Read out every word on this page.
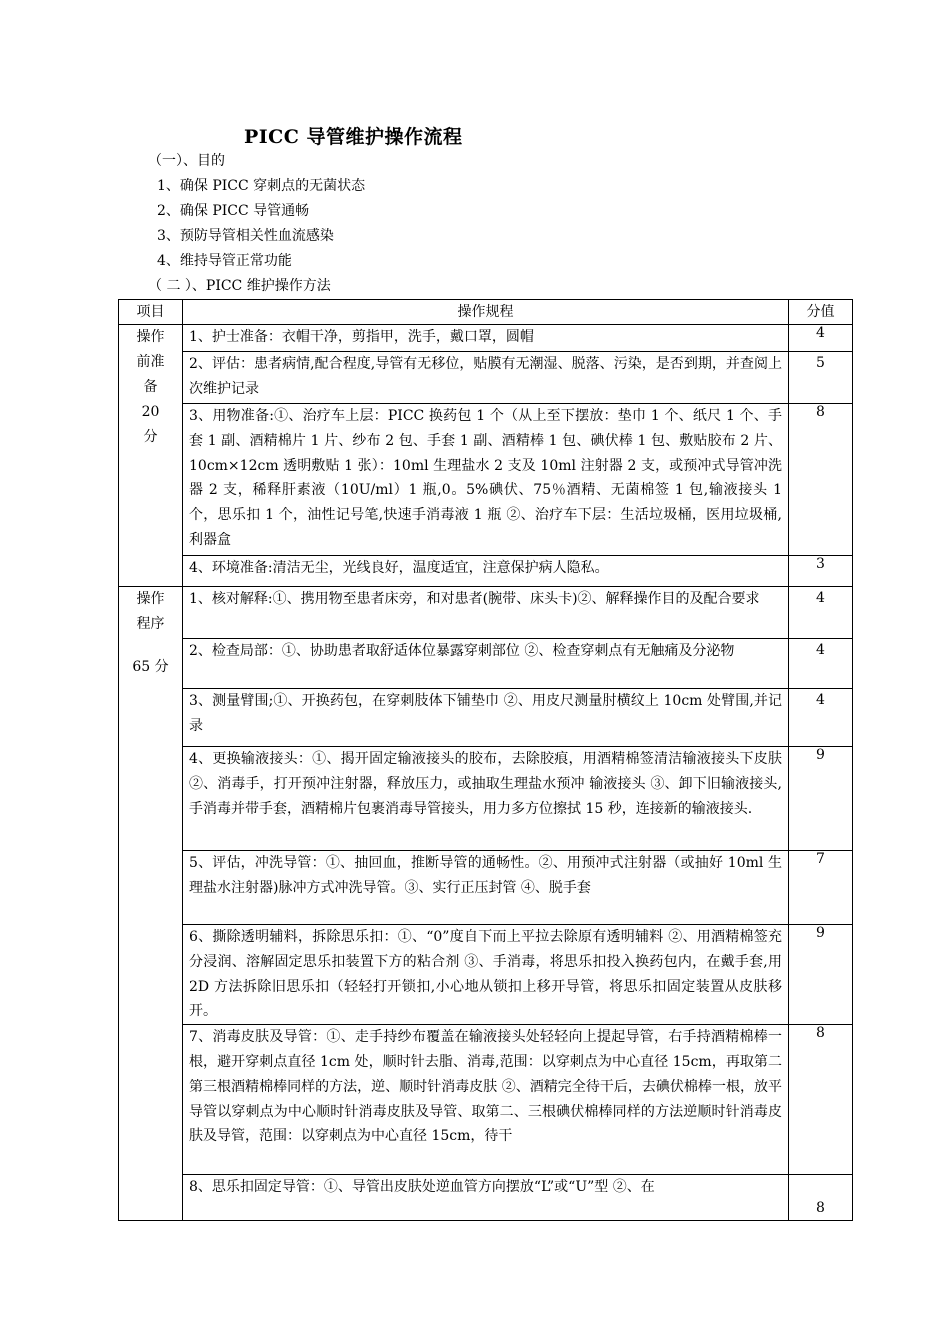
PICC 导管维护操作流程
（一）、目的
1、确保 PICC 穿刺点的无菌状态
2、确保 PICC 导管通畅
3、预防导管相关性血流感染
4、维持导管正常功能
（ 二 ）、PICC 维护操作方法
项目	操作规程	分值

操作
前准
备
20
分	1、护士准备：衣帽干净，剪指甲，洗手，戴口罩，圆帽	4
	2、评估：患者病情,配合程度,导管有无移位，贴膜有无潮湿、脱落、污染，是否到期，并查阅上次维护记录	5
	3、用物准备:①、治疗车上层：PICC 换药包 1 个（从上至下摆放：垫巾 1 个、纸尺 1 个、手套 1 副、酒精棉片 1 片、纱布 2 包、手套 1 副、酒精棒 1 包、碘伏棒 1 包、敷贴胶布 2 片、10cm×12cm 透明敷贴 1 张）：10ml 生理盐水 2 支及 10ml 注射器 2 支，或预冲式导管冲洗器 2 支，稀释肝素液（10U/ml）1 瓶,0。5%碘伏、75％酒精、无菌棉签 1 包,输液接头 1 个，思乐扣 1 个，油性记号笔,快速手消毒液 1 瓶 ②、治疗车下层：生活垃圾桶，医用垃圾桶,利器盒	8
	4、环境准备:清洁无尘，光线良好，温度适宜，注意保护病人隐私。	3

操作
程序
65 分	1、核对解释:①、携用物至患者床旁，和对患者(腕带、床头卡)②、解释操作目的及配合要求	4
	2、检查局部：①、协助患者取舒适体位暴露穿刺部位 ②、检查穿刺点有无触痛及分泌物	4
	3、测量臂围;①、开换药包，在穿刺肢体下铺垫巾 ②、用皮尺测量肘横纹上 10cm 处臂围,并记录	4
	4、更换输液接头：①、揭开固定输液接头的胶布，去除胶痕，用酒精棉签清洁输液接头下皮肤 ②、消毒手，打开预冲注射器，释放压力，或抽取生理盐水预冲 输液接头 ③、卸下旧输液接头,手消毒并带手套，酒精棉片包裹消毒导管接头，用力多方位擦拭 15 秒，连接新的输液接头.	9
	5、评估，冲洗导管：①、抽回血，推断导管的通畅性。②、用预冲式注射器（或抽好 10ml 生理盐水注射器)脉冲方式冲洗导管。③、实行正压封管 ④、脱手套	7
	6、撕除透明辅料，拆除思乐扣：①、“0”度自下而上平拉去除原有透明辅料 ②、用酒精棉签充分浸润、溶解固定思乐扣装置下方的粘合剂 ③、手消毒，将思乐扣投入换药包内，在戴手套,用 2D 方法拆除旧思乐扣（轻轻打开锁扣,小心地从锁扣上移开导管，将思乐扣固定装置从皮肤移开。	9
	7、消毒皮肤及导管：①、走手持纱布覆盖在输液接头处轻轻向上提起导管，右手持酒精棉棒一根，避开穿刺点直径 1cm 处，顺时针去脂、消毒,范围：以穿刺点为中心直径 15cm，再取第二第三根酒精棉棒同样的方法，逆、顺时针消毒皮肤 ②、酒精完全待干后，去碘伏棉棒一根，放平导管以穿刺点为中心顺时针消毒皮肤及导管、取第二、三根碘伏棉棒同样的方法逆顺时针消毒皮肤及导管，范围：以穿刺点为中心直径 15cm，待干	8
	8、思乐扣固定导管：①、导管出皮肤处逆血管方向摆放“L”或“U”型 ②、在	8
